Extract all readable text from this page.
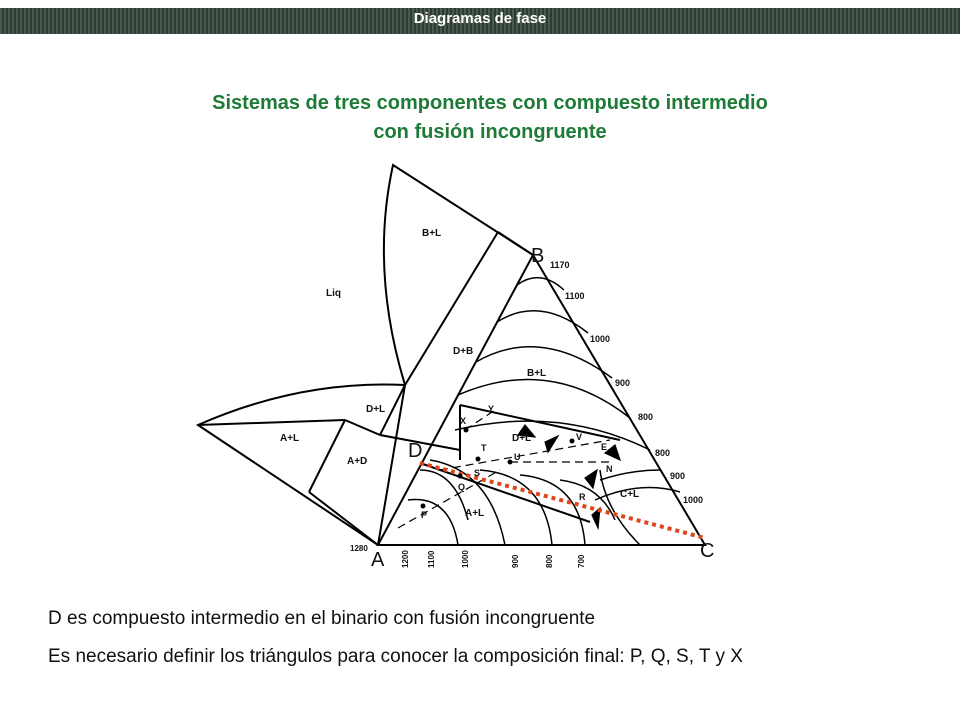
Diagramas de fase
Sistemas de tres componentes con compuesto intermedio
con fusión incongruente
A
B
C
D
Liq
B+L
D+B
D+L
A+L
A+D
B+L
D+L
A+L
C+L
1170
1100
1000
900
800
800
900
1000
1280
1200 1100	1000	900	800	700
P
Q
S
T
U
X
Y
V
E
N
R
D es compuesto intermedio en el binario con fusión incongruente
Es necesario definir los triángulos para conocer la composición final: P, Q, S, T y X
